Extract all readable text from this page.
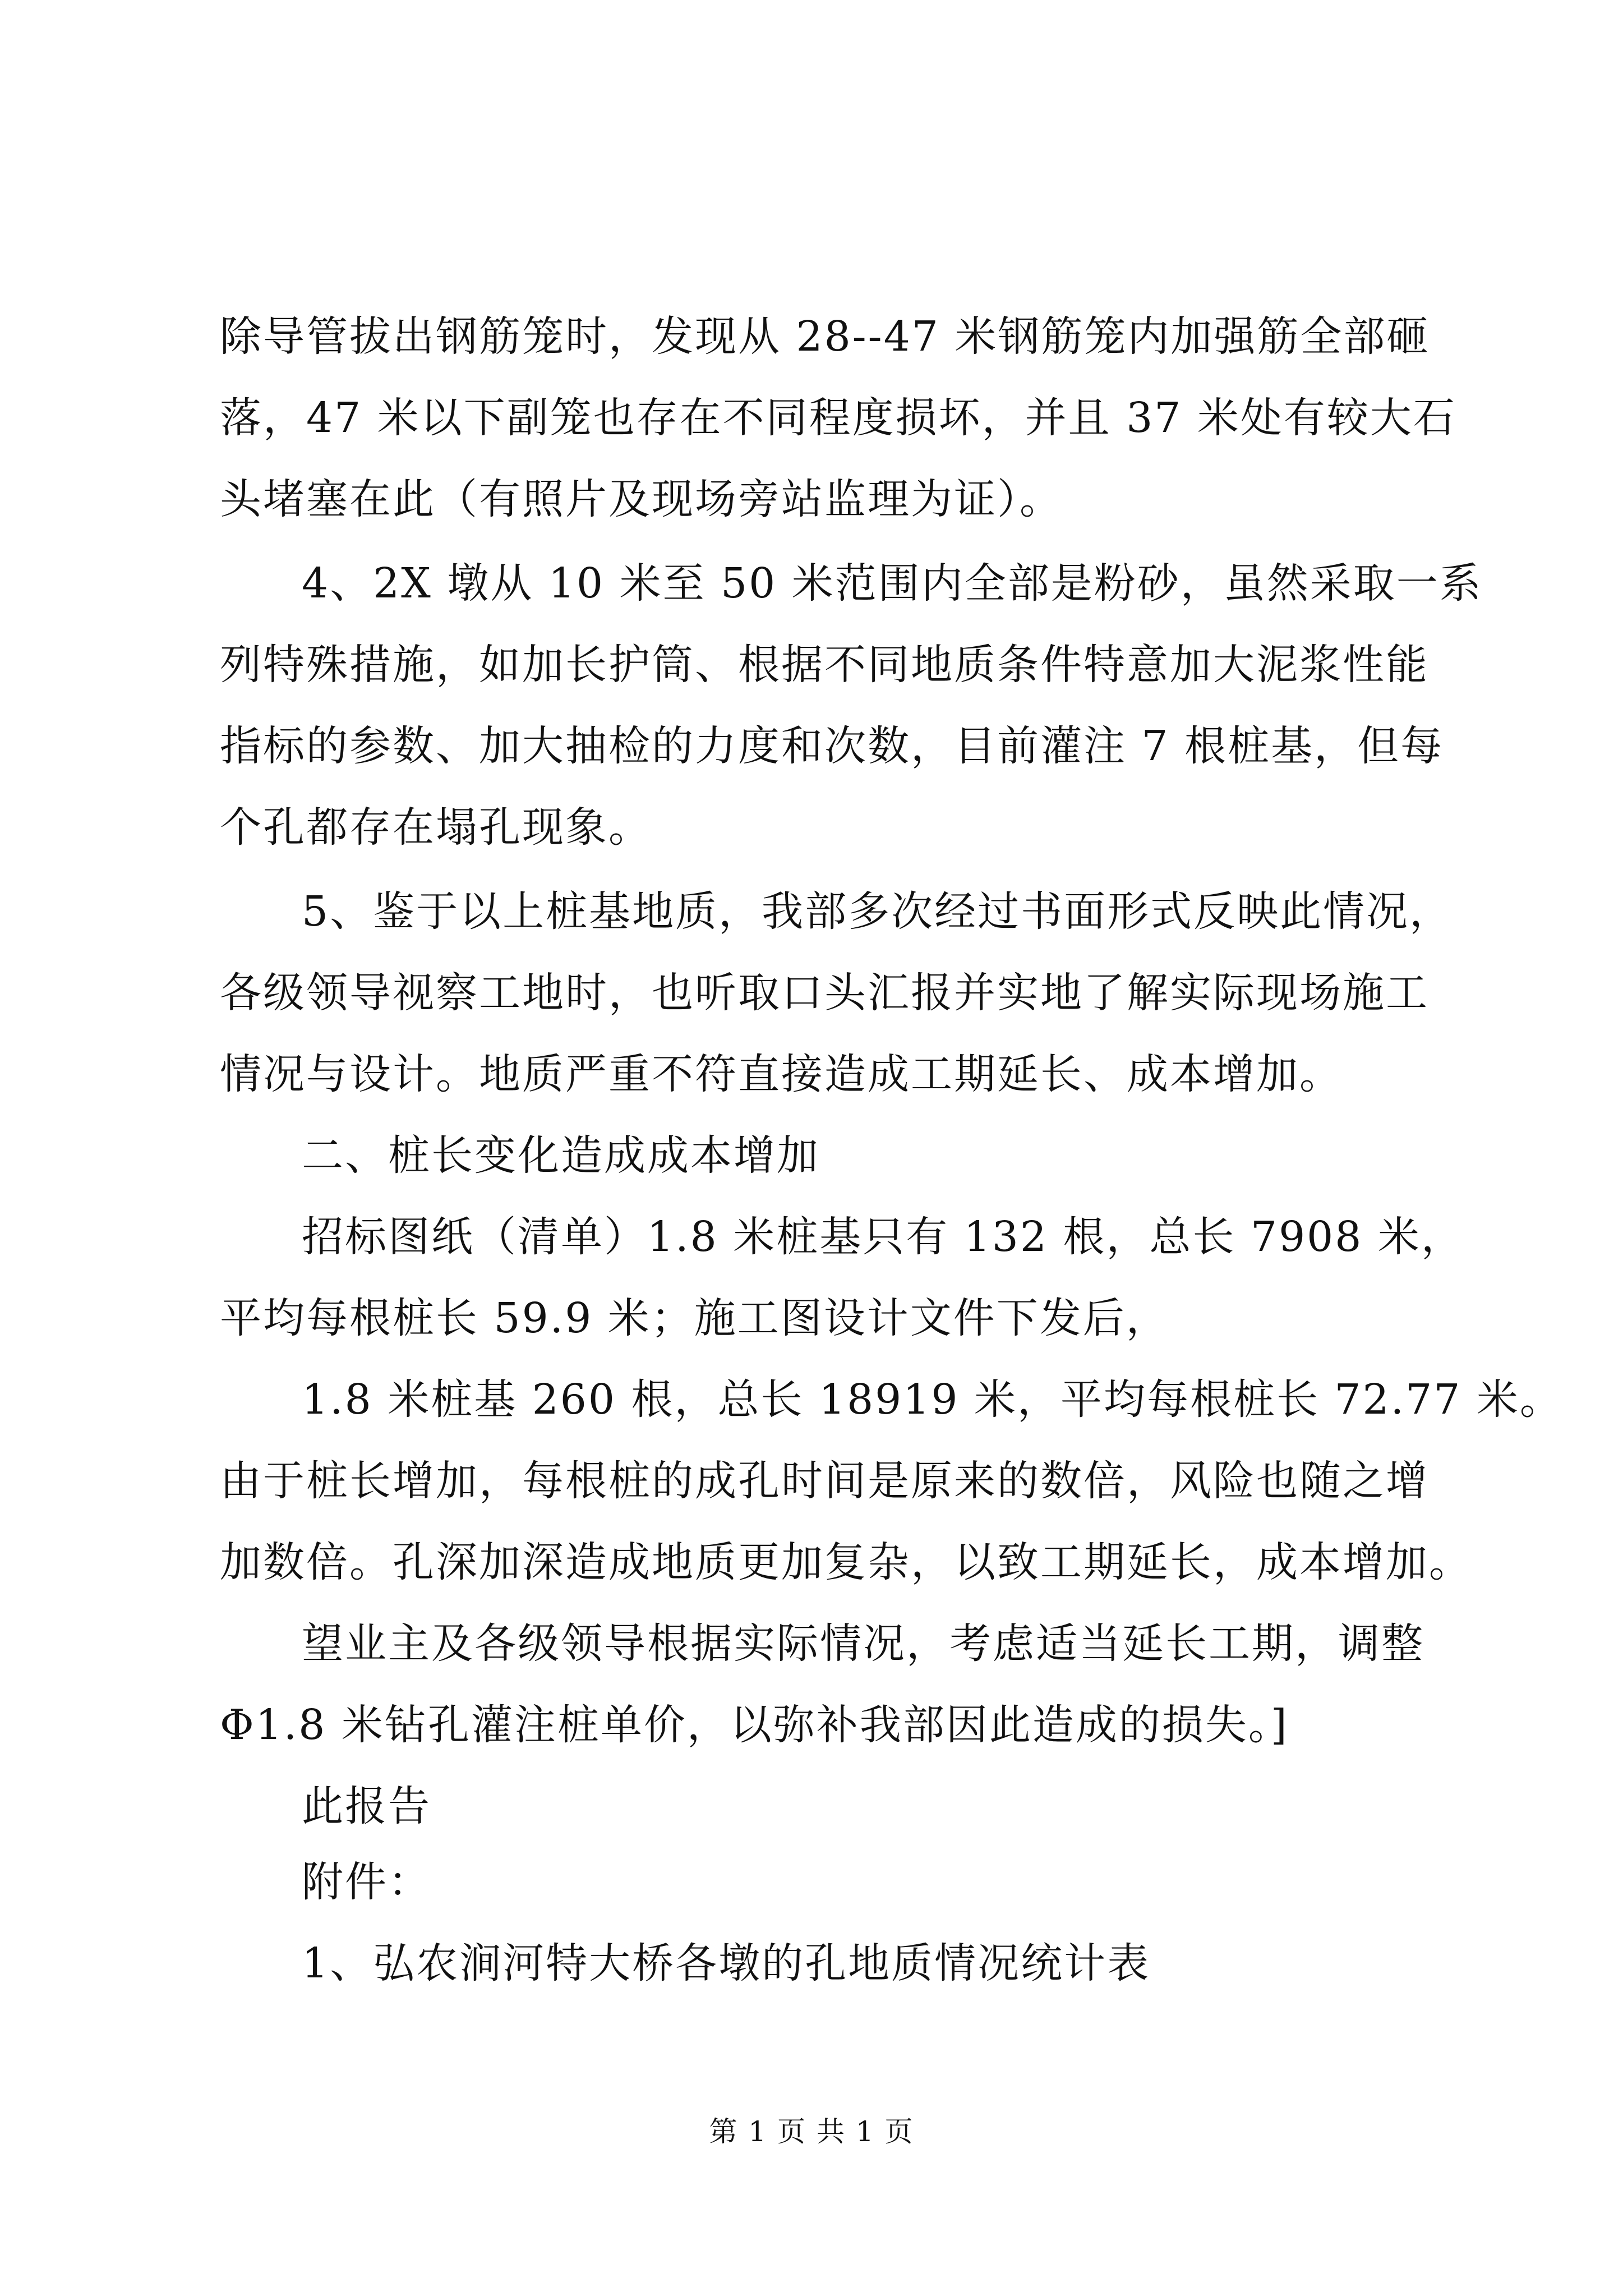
除导管拔出钢筋笼时，发现从 28--47 米钢筋笼内加强筋全部砸
落，47 米以下副笼也存在不同程度损坏，并且 37 米处有较大石
头堵塞在此（有照片及现场旁站监理为证）。
4、2X 墩从 10 米至 50 米范围内全部是粉砂，虽然采取一系
列特殊措施，如加长护筒、根据不同地质条件特意加大泥浆性能
指标的参数、加大抽检的力度和次数，目前灌注 7 根桩基，但每
个孔都存在塌孔现象。
5、鉴于以上桩基地质，我部多次经过书面形式反映此情况，
各级领导视察工地时，也听取口头汇报并实地了解实际现场施工
情况与设计。地质严重不符直接造成工期延长、成本增加。
二、桩长变化造成成本增加
招标图纸（清单）1.8 米桩基只有 132 根，总长 7908 米，
平均每根桩长 59.9 米；施工图设计文件下发后，
1.8 米桩基 260 根，总长 18919 米，平均每根桩长 72.77 米。
由于桩长增加，每根桩的成孔时间是原来的数倍，风险也随之增
加数倍。孔深加深造成地质更加复杂，以致工期延长，成本增加。
望业主及各级领导根据实际情况，考虑适当延长工期，调整
Φ1.8 米钻孔灌注桩单价，以弥补我部因此造成的损失。]
此报告
附件：
1、弘农涧河特大桥各墩的孔地质情况统计表
第 1 页 共 1 页
